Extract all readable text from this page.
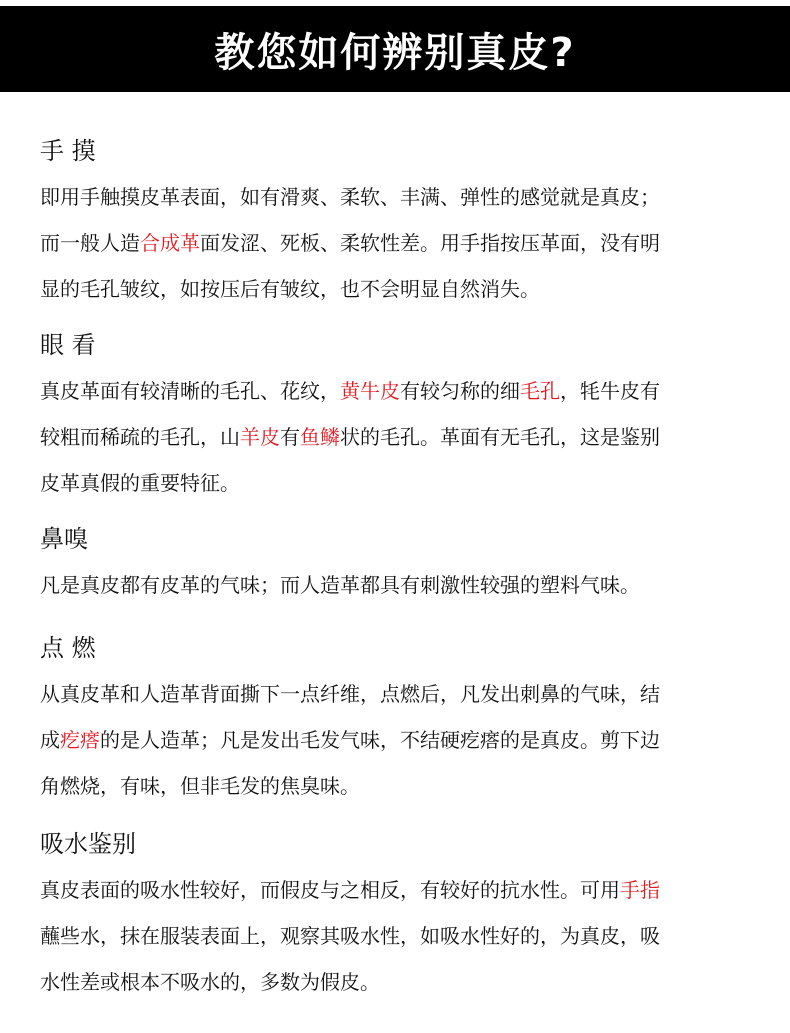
教您如何辨别真皮?
手 摸
即用手触摸皮革表面，如有滑爽、柔软、丰满、弹性的感觉就是真皮；
而一般人造合成革面发涩、死板、柔软性差。用手指按压革面，没有明
显的毛孔皱纹，如按压后有皱纹，也不会明显自然消失。
眼 看
真皮革面有较清晰的毛孔、花纹，黄牛皮有较匀称的细毛孔，牦牛皮有
较粗而稀疏的毛孔，山羊皮有鱼鳞状的毛孔。革面有无毛孔，这是鉴别
皮革真假的重要特征。
鼻嗅
凡是真皮都有皮革的气味；而人造革都具有刺激性较强的塑料气味。
点 燃
从真皮革和人造革背面撕下一点纤维，点燃后，凡发出刺鼻的气味，结
成疙瘩的是人造革；凡是发出毛发气味，不结硬疙瘩的是真皮。剪下边
角燃烧，有味，但非毛发的焦臭味。
吸水鉴别
真皮表面的吸水性较好，而假皮与之相反，有较好的抗水性。可用手指
蘸些水，抹在服装表面上，观察其吸水性，如吸水性好的，为真皮，吸
水性差或根本不吸水的，多数为假皮。
